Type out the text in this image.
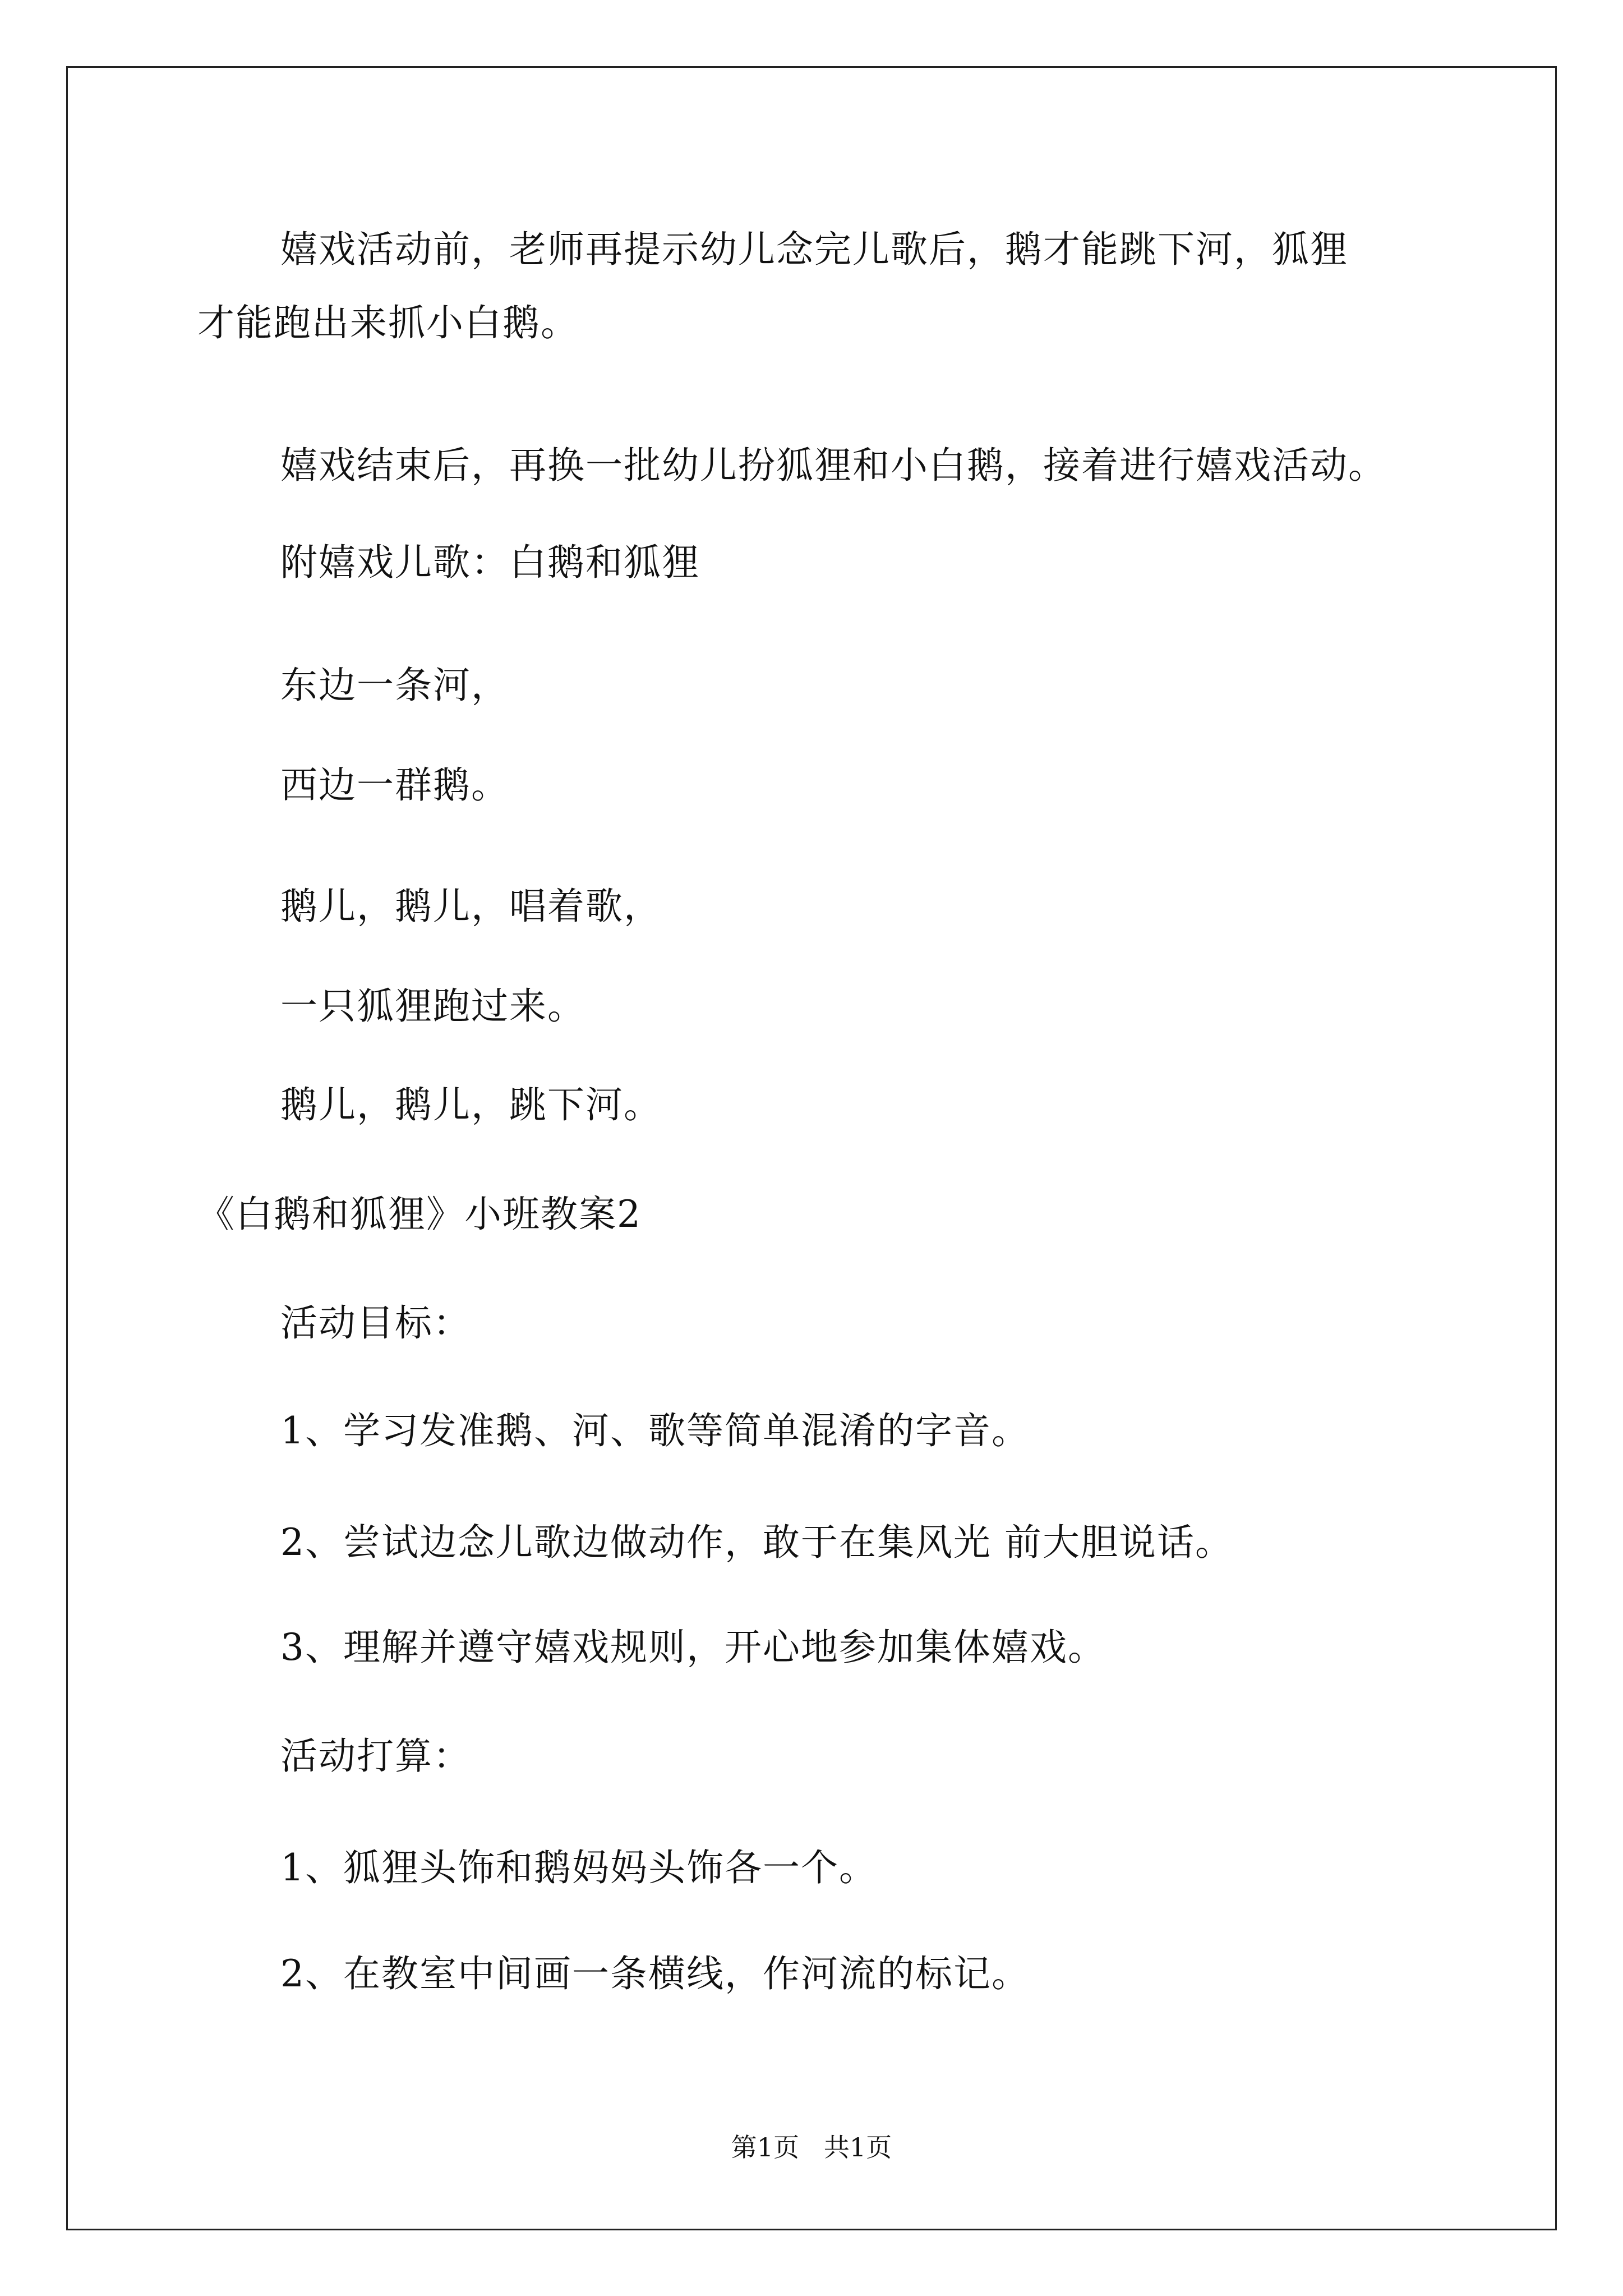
嬉戏活动前，老师再提示幼儿念完儿歌后，鹅才能跳下河，狐狸
才能跑出来抓小白鹅。
嬉戏结束后，再换一批幼儿扮狐狸和小白鹅，接着进行嬉戏活动。
附嬉戏儿歌：白鹅和狐狸
东边一条河，
西边一群鹅。
鹅儿，鹅儿，唱着歌，
一只狐狸跑过来。
鹅儿，鹅儿，跳下河。
《白鹅和狐狸》小班教案2
活动目标：
1、学习发准鹅、河、歌等简单混淆的字音。
2、尝试边念儿歌边做动作，敢于在集风光 前大胆说话。
3、理解并遵守嬉戏规则，开心地参加集体嬉戏。
活动打算：
1、狐狸头饰和鹅妈妈头饰各一个。
2、在教室中间画一条横线，作河流的标记。
第1页   共1页
